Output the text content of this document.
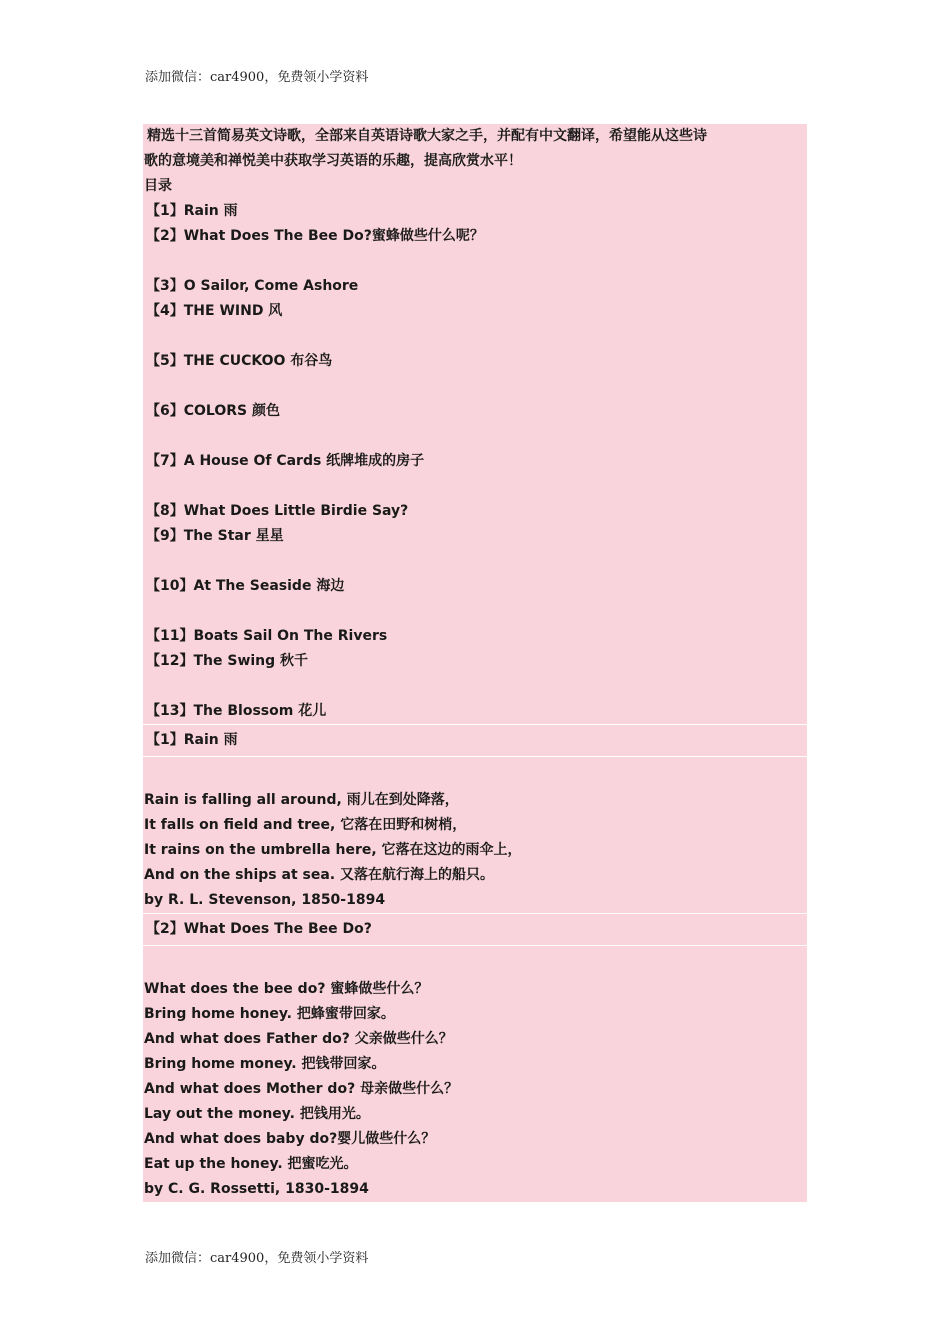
添加微信：car4900，免费领小学资料
精选十三首简易英文诗歌，全部来自英语诗歌大家之手，并配有中文翻译，希望能从这些诗
歌的意境美和禅悦美中获取学习英语的乐趣，提高欣赏水平！
目录
【1】Rain 雨
【2】What Does The Bee Do?蜜蜂做些什么呢？
【3】O Sailor, Come Ashore
【4】THE WIND 风
【5】THE CUCKOO 布谷鸟
【6】COLORS 颜色
【7】A House Of Cards 纸牌堆成的房子
【8】What Does Little Birdie Say?
【9】The Star 星星
【10】At The Seaside 海边
【11】Boats Sail On The Rivers
【12】The Swing 秋千
【13】The Blossom 花儿
【1】Rain 雨
Rain is falling all around, 雨儿在到处降落，
It falls on field and tree, 它落在田野和树梢，
It rains on the umbrella here, 它落在这边的雨伞上，
And on the ships at sea. 又落在航行海上的船只。
by R. L. Stevenson, 1850-1894
【2】What Does The Bee Do?
What does the bee do? 蜜蜂做些什么？
Bring home honey. 把蜂蜜带回家。
And what does Father do? 父亲做些什么？
Bring home money. 把钱带回家。
And what does Mother do? 母亲做些什么？
Lay out the money. 把钱用光。
And what does baby do?婴儿做些什么？
Eat up the honey. 把蜜吃光。
by C. G. Rossetti, 1830-1894
添加微信：car4900，免费领小学资料
